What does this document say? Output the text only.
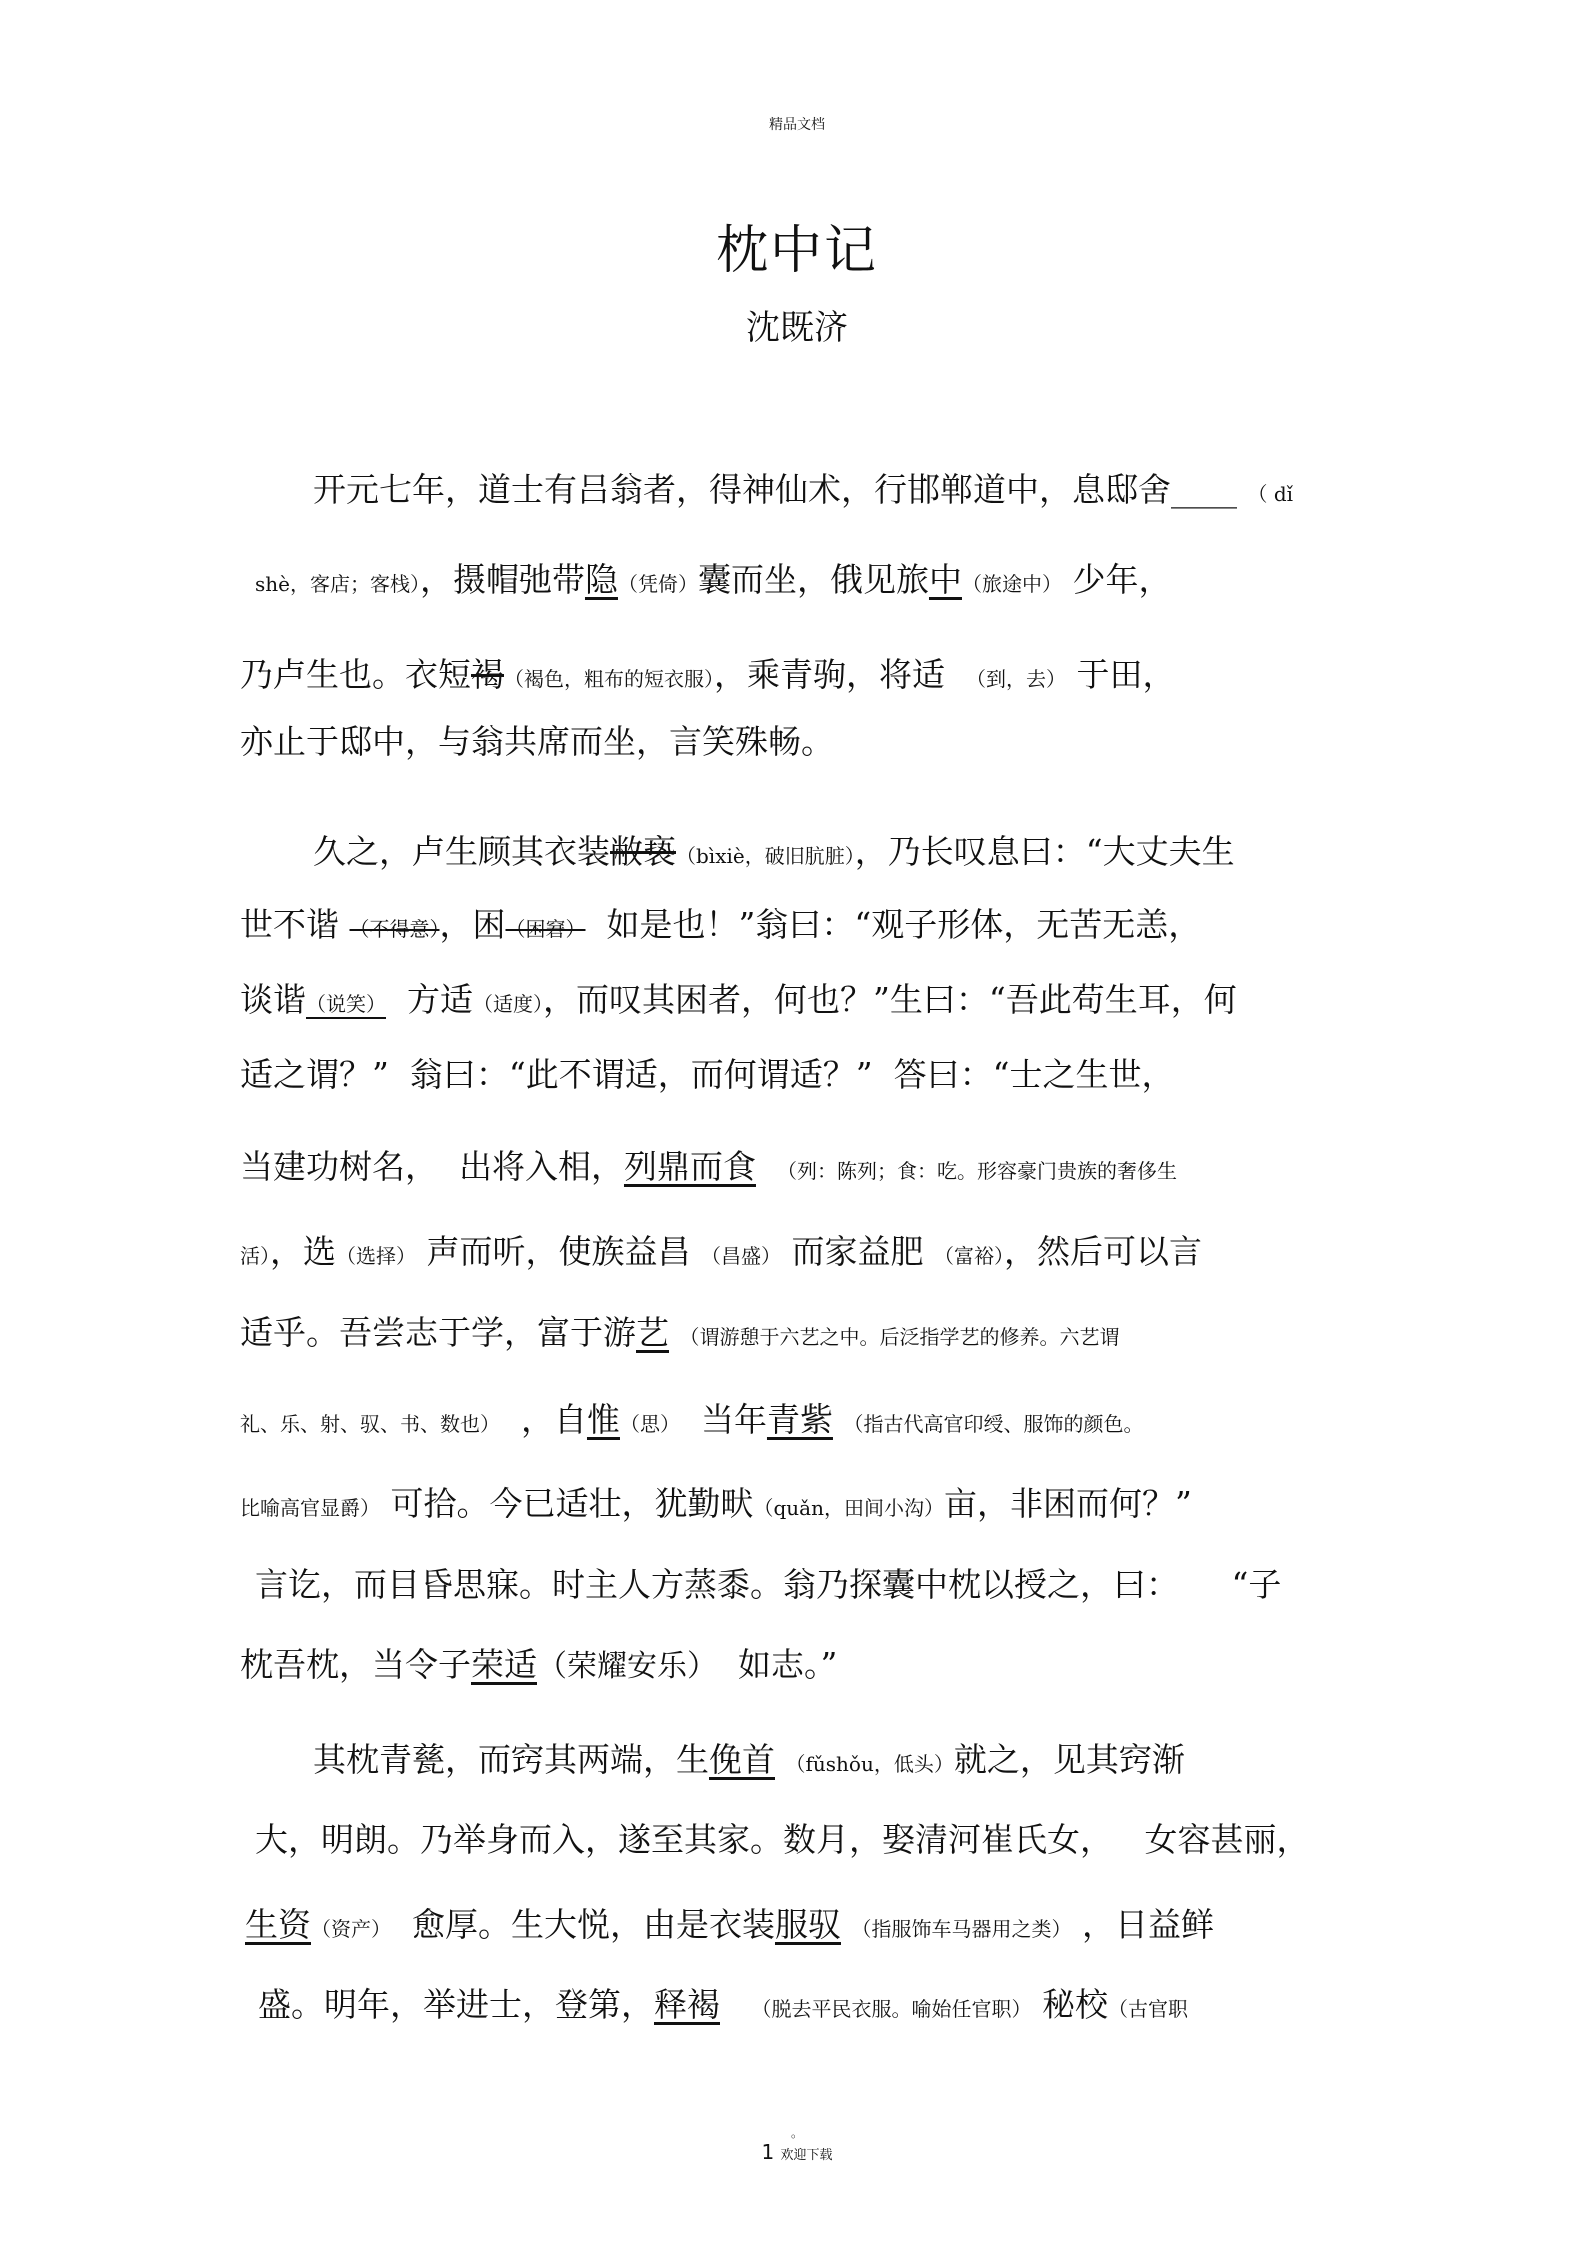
精品文档
枕中记
沈既济
开元七年，道士有吕翁者，得神仙术，行邯郸道中，息邸舍____ （ dǐ
shè，客店；客栈），摄帽弛带隐（凭倚）囊而坐，俄见旅中（旅途中） 少年，
乃卢生也。衣短褐（褐色，粗布的短衣服），乘青驹，将适 （到，去） 于田，
亦止于邸中，与翁共席而坐，言笑殊畅。
久之，卢生顾其衣装敝亵（bìxiè，破旧肮脏），乃长叹息曰：“大丈夫生
世不谐 （不得意），困（困窘） 如是也！”翁曰：“观子形体，无苦无恙，
谈谐（说笑） 方适（适度），而叹其困者，何也？”生曰：“吾此苟生耳，何
适之谓？” 翁曰：“此不谓适，而何谓适？” 答曰：“士之生世，
当建功树名， 出将入相，列鼎而食 （列：陈列；食：吃。形容豪门贵族的奢侈生
活），选（选择） 声而听，使族益昌 （昌盛） 而家益肥 （富裕），然后可以言
适乎。吾尝志于学，富于游艺 （谓游憩于六艺之中。后泛指学艺的修养。六艺谓
礼、乐、射、驭、书、数也） ，自惟（思） 当年青紫 （指古代高官印绶、服饰的颜色。
比喻高官显爵） 可拾。今已适壮，犹勤畎（quǎn，田间小沟）亩，非困而何？”
言讫，而目昏思寐。时主人方蒸黍。翁乃探囊中枕以授之，曰： “子
枕吾枕，当令子荣适（荣耀安乐） 如志。”
其枕青甆，而窍其两端，生俛首 （fǔshǒu，低头）就之，见其窍渐
大，明朗。乃举身而入，遂至其家。数月，娶清河崔氏女， 女容甚丽，
生资（资产） 愈厚。生大悦，由是衣装服驭 （指服饰车马器用之类） ，日益鲜
盛。明年，举进士，登第，释褐 （脱去平民衣服。喻始任官职） 秘校（古官职
。
1 欢迎下载
